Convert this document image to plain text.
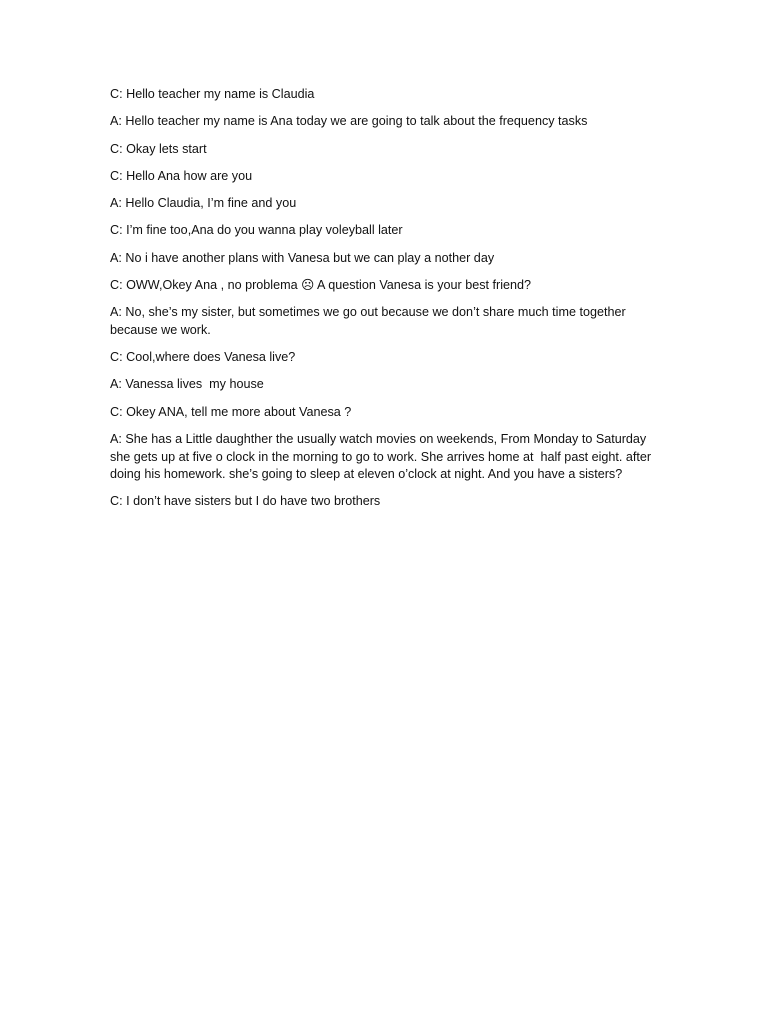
C: Hello teacher my name is Claudia

A: Hello teacher my name is Ana today we are going to talk about the frequency tasks

C: Okay lets start

C: Hello Ana how are you

A: Hello Claudia, I’m fine and you

C: I’m fine too,Ana do you wanna play voleyball later

A: No i have another plans with Vanesa but we can play a nother day

C: OWW,Okey Ana , no problema ☹ A question Vanesa is your best friend?

A: No, she’s my sister, but sometimes we go out because we don’t share much time together because we work.

C: Cool,where does Vanesa live?

A: Vanessa lives  my house

C: Okey ANA, tell me more about Vanesa ?

A: She has a Little daughther the usually watch movies on weekends, From Monday to Saturday she gets up at five o clock in the morning to go to work. She arrives home at  half past eight. after doing his homework. she’s going to sleep at eleven o’clock at night. And you have a sisters?

C: I don’t have sisters but I do have two brothers
